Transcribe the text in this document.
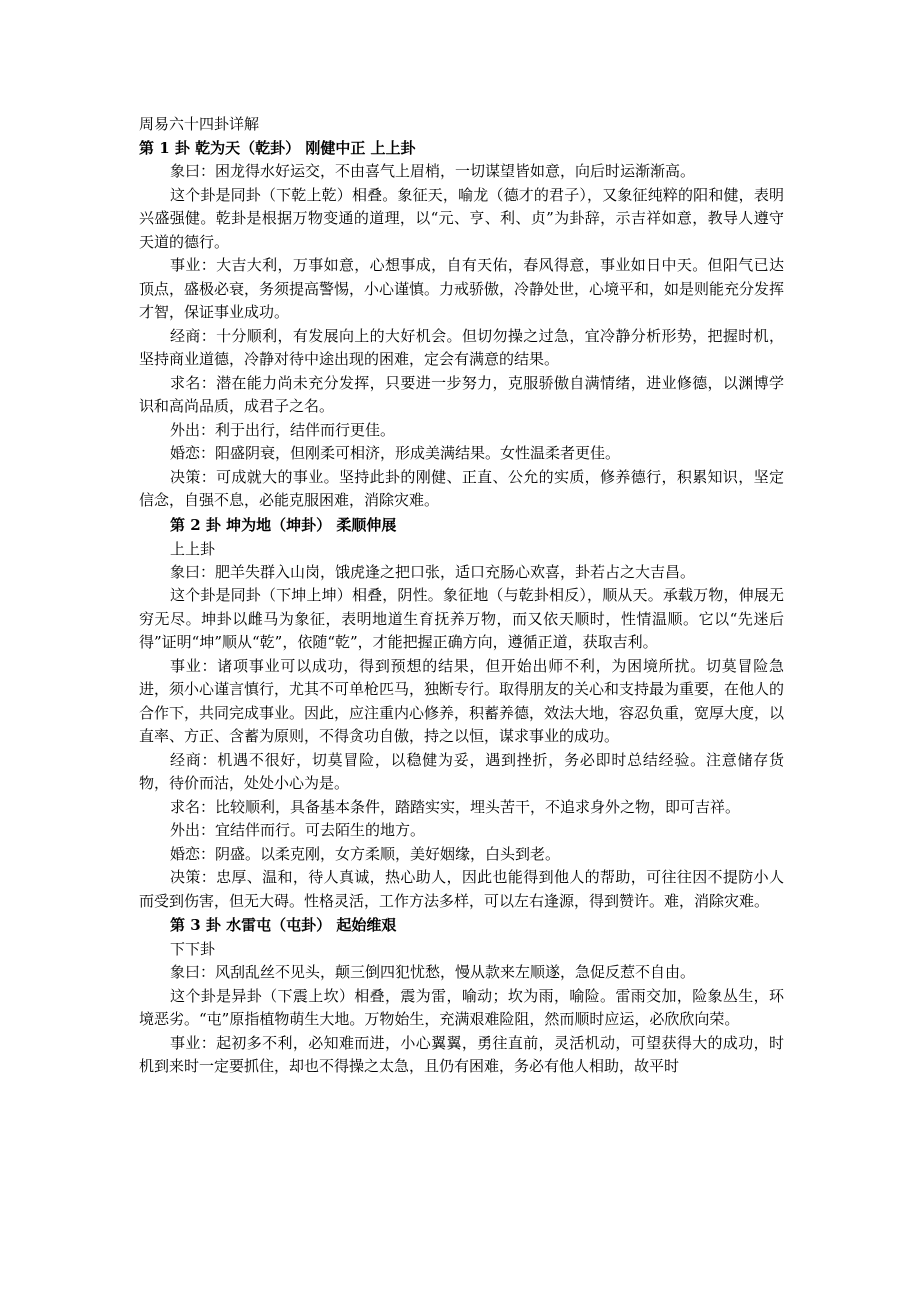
周易六十四卦详解
第 1 卦 乾为天（乾卦） 刚健中正 上上卦

象曰：困龙得水好运交，不由喜气上眉梢，一切谋望皆如意，向后时运渐渐高。

这个卦是同卦（下乾上乾）相叠。象征天，喻龙（德才的君子），又象征纯粹的阳和健，表明兴盛强健。乾卦是根据万物变通的道理，以“元、亨、利、贞”为卦辞，示吉祥如意，教导人遵守天道的德行。

事业：大吉大利，万事如意，心想事成，自有天佑，春风得意，事业如日中天。但阳气已达顶点，盛极必衰，务须提高警惕，小心谨慎。力戒骄傲，冷静处世，心境平和，如是则能充分发挥才智，保证事业成功。

经商：十分顺利，有发展向上的大好机会。但切勿操之过急，宜冷静分析形势，把握时机，坚持商业道德，冷静对待中途出现的困难，定会有满意的结果。

求名：潜在能力尚未充分发挥，只要进一步努力，克服骄傲自满情绪，进业修德，以渊博学识和高尚品质，成君子之名。

外出：利于出行，结伴而行更佳。

婚恋：阳盛阴衰，但刚柔可相济，形成美满结果。女性温柔者更佳。

决策：可成就大的事业。坚持此卦的刚健、正直、公允的实质，修养德行，积累知识，坚定信念，自强不息，必能克服困难，消除灾难。

第 2 卦 坤为地（坤卦） 柔顺伸展
上上卦

象曰：肥羊失群入山岗，饿虎逢之把口张，适口充肠心欢喜，卦若占之大吉昌。

这个卦是同卦（下坤上坤）相叠，阴性。象征地（与乾卦相反），顺从天。承载万物，伸展无穷无尽。坤卦以雌马为象征，表明地道生育抚养万物，而又依天顺时，性情温顺。它以“先迷后得”证明“坤”顺从“乾”，依随“乾”，才能把握正确方向，遵循正道，获取吉利。

事业：诸项事业可以成功，得到预想的结果，但开始出师不利，为困境所扰。切莫冒险急进，须小心谨言慎行，尤其不可单枪匹马，独断专行。取得朋友的关心和支持最为重要，在他人的合作下，共同完成事业。因此，应注重内心修养，积蓄养德，效法大地，容忍负重，宽厚大度，以直率、方正、含蓄为原则，不得贪功自傲，持之以恒，谋求事业的成功。

经商：机遇不很好，切莫冒险，以稳健为妥，遇到挫折，务必即时总结经验。注意储存货物，待价而沽，处处小心为是。

求名：比较顺利，具备基本条件，踏踏实实，埋头苦干，不追求身外之物，即可吉祥。

外出：宜结伴而行。可去陌生的地方。

婚恋：阴盛。以柔克刚，女方柔顺，美好姻缘，白头到老。

决策：忠厚、温和，待人真诚，热心助人，因此也能得到他人的帮助，可往往因不提防小人而受到伤害，但无大碍。性格灵活，工作方法多样，可以左右逢源，得到赞许。难，消除灾难。

第 3 卦 水雷屯（屯卦） 起始维艰
下下卦

象曰：风刮乱丝不见头，颠三倒四犯忧愁，慢从款来左顺遂，急促反惹不自由。

这个卦是异卦（下震上坎）相叠，震为雷，喻动；坎为雨，喻险。雷雨交加，险象丛生，环境恶劣。“屯”原指植物萌生大地。万物始生，充满艰难险阻，然而顺时应运，必欣欣向荣。

事业：起初多不利，必知难而进，小心翼翼，勇往直前，灵活机动，可望获得大的成功，时机到来时一定要抓住，却也不得操之太急，且仍有困难，务必有他人相助，故平时
